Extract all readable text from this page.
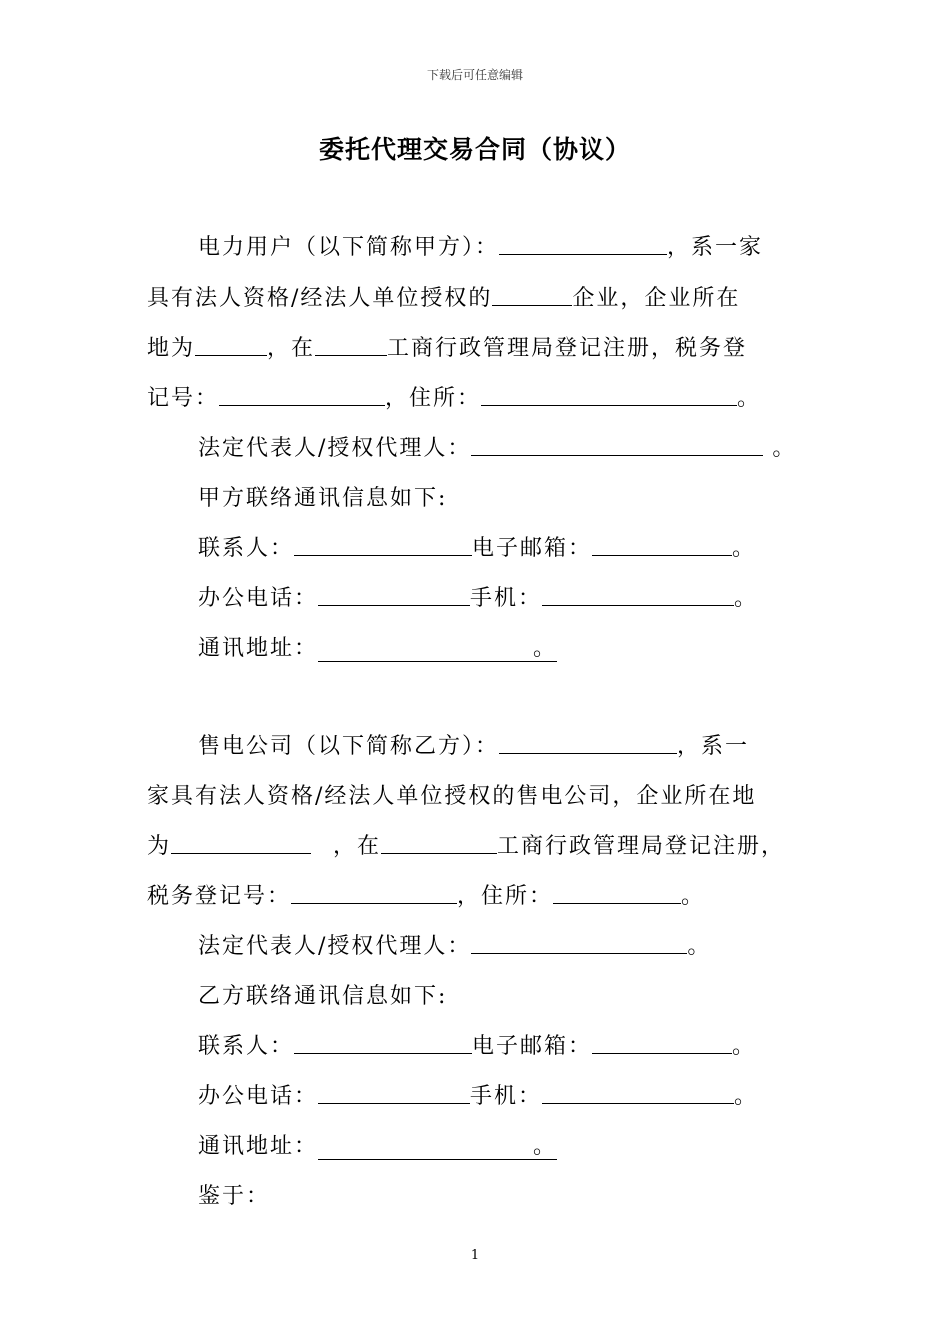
下载后可任意编辑
委托代理交易合同（协议）
电力用户（以下简称甲方）：	，系一家
具有法人资格/经法人单位授权的	企业，企业所在
地为	，在	工商行政管理局登记注册，税务登
记号：	，住所：	。
法定代表人/授权代理人：	。
甲方联络通讯信息如下:
联系人：	电子邮箱：	。
办公电话：	手机：	。
通讯地址：	。
售电公司（以下简称乙方）：	，系一
家具有法人资格/经法人单位授权的售电公司，企业所在地
为	，在	工商行政管理局登记注册，
税务登记号：	，住所：	。
法定代表人/授权代理人：	。
乙方联络通讯信息如下:
联系人：	电子邮箱：	。
办公电话：	手机：	。
通讯地址：	。
鉴于：
1
